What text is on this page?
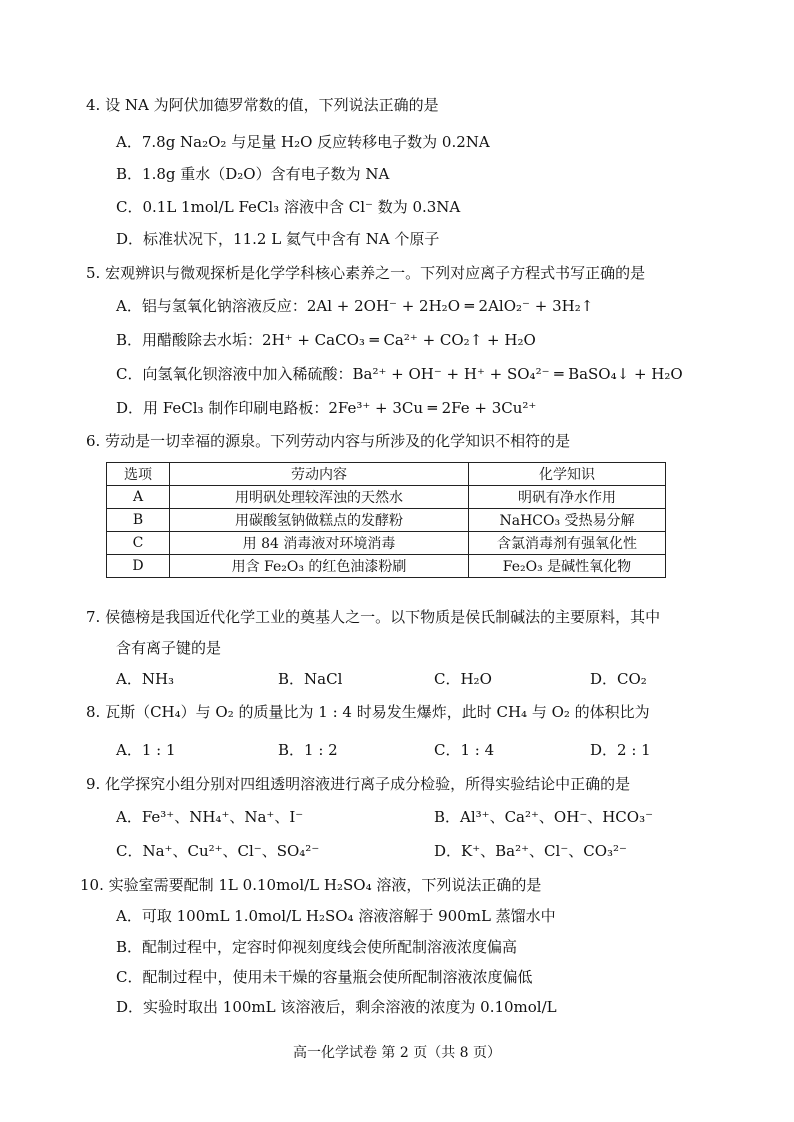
4. 设 NA 为阿伏加德罗常数的值，下列说法正确的是
A．7.8g Na₂O₂ 与足量 H₂O 反应转移电子数为 0.2NA
B．1.8g 重水（D₂O）含有电子数为 NA
C．0.1L 1mol/L FeCl₃ 溶液中含 Cl⁻ 数为 0.3NA
D．标准状况下，11.2 L 氦气中含有 NA 个原子
5. 宏观辨识与微观探析是化学学科核心素养之一。下列对应离子方程式书写正确的是
A．铝与氢氧化钠溶液反应：2Al + 2OH⁻ + 2H₂O ═ 2AlO₂⁻ + 3H₂↑
B．用醋酸除去水垢：2H⁺ + CaCO₃ ═ Ca²⁺ + CO₂↑ + H₂O
C．向氢氧化钡溶液中加入稀硫酸：Ba²⁺ + OH⁻ + H⁺ + SO₄²⁻ ═ BaSO₄↓ + H₂O
D．用 FeCl₃ 制作印刷电路板：2Fe³⁺ + 3Cu ═ 2Fe + 3Cu²⁺
6. 劳动是一切幸福的源泉。下列劳动内容与所涉及的化学知识不相符的是
选项	劳动内容	化学知识
A	用明矾处理较浑浊的天然水	明矾有净水作用
B	用碳酸氢钠做糕点的发酵粉	NaHCO₃ 受热易分解
C	用 84 消毒液对环境消毒	含氯消毒剂有强氧化性
D	用含 Fe₂O₃ 的红色油漆粉刷	Fe₂O₃ 是碱性氧化物
7. 侯德榜是我国近代化学工业的奠基人之一。以下物质是侯氏制碱法的主要原料，其中
含有离子键的是
A．NH₃	B．NaCl	C．H₂O	D．CO₂
8. 瓦斯（CH₄）与 O₂ 的质量比为 1 : 4 时易发生爆炸，此时 CH₄ 与 O₂ 的体积比为
A．1 : 1	B．1 : 2	C．1 : 4	D．2 : 1
9. 化学探究小组分别对四组透明溶液进行离子成分检验，所得实验结论中正确的是
A．Fe³⁺、NH₄⁺、Na⁺、I⁻	B．Al³⁺、Ca²⁺、OH⁻、HCO₃⁻
C．Na⁺、Cu²⁺、Cl⁻、SO₄²⁻	D．K⁺、Ba²⁺、Cl⁻、CO₃²⁻
10. 实验室需要配制 1L 0.10mol/L H₂SO₄ 溶液，下列说法正确的是
A．可取 100mL 1.0mol/L H₂SO₄ 溶液溶解于 900mL 蒸馏水中
B．配制过程中，定容时仰视刻度线会使所配制溶液浓度偏高
C．配制过程中，使用未干燥的容量瓶会使所配制溶液浓度偏低
D．实验时取出 100mL 该溶液后，剩余溶液的浓度为 0.10mol/L
高一化学试卷 第 2 页（共 8 页）
